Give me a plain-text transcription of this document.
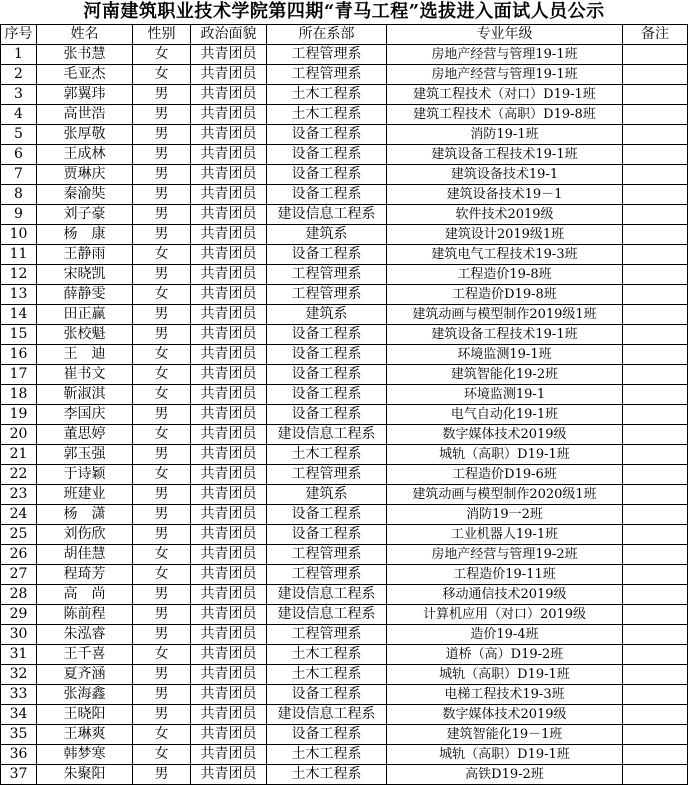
河南建筑职业技术学院第四期“青马工程”选拔进入面试人员公示
序号	姓名	性别	政治面貌	所在系部	专业年级	备注
1	张书慧	女	共青团员	工程管理系	房地产经营与管理19-1班	
2	毛亚杰	女	共青团员	工程管理系	房地产经营与管理19-1班	
3	郭翼玮	男	共青团员	土木工程系	建筑工程技术（对口）D19-1班	
4	高世浩	男	共青团员	土木工程系	建筑工程技术（高职）D19-8班	
5	张厚敬	男	共青团员	设备工程系	消防19-1班	
6	王成林	男	共青团员	设备工程系	建筑设备工程技术19-1班	
7	贾琳庆	男	共青团员	设备工程系	建筑设备技术19-1	
8	秦渝奘	男	共青团员	设备工程系	建筑设备技术19－1	
9	刘子豪	男	共青团员	建设信息工程系	软件技术2019级	
10	杨　康	男	共青团员	建筑系	建筑设计2019级1班	
11	王静雨	女	共青团员	设备工程系	建筑电气工程技术19-3班	
12	宋晓凯	男	共青团员	工程管理系	工程造价19-8班	
13	薛静雯	女	共青团员	工程管理系	工程造价D19-8班	
14	田正赢	男	共青团员	建筑系	建筑动画与模型制作2019级1班	
15	张校魁	男	共青团员	设备工程系	建筑设备工程技术19-1班	
16	王　迪	女	共青团员	设备工程系	环境监测19-1班	
17	崔书文	女	共青团员	设备工程系	建筑智能化19-2班	
18	靳淑淇	女	共青团员	设备工程系	环境监测19-1	
19	李国庆	男	共青团员	设备工程系	电气自动化19-1班	
20	董思婷	女	共青团员	建设信息工程系	数字媒体技术2019级	
21	郭玉强	男	共青团员	土木工程系	城轨（高职）D19-1班	
22	于诗颖	女	共青团员	工程管理系	工程造价D19-6班	
23	班建业	男	共青团员	建筑系	建筑动画与模型制作2020级1班	
24	杨　潇	男	共青团员	设备工程系	消防19一2班	
25	刘伤欣	男	共青团员	设备工程系	工业机器人19-1班	
26	胡佳慧	女	共青团员	工程管理系	房地产经营与管理19-2班	
27	程琦芳	女	共青团员	工程管理系	工程造价19-11班	
28	高　尚	男	共青团员	建设信息工程系	移动通信技术2019级	
29	陈前程	男	共青团员	建设信息工程系	计算机应用（对口）2019级	
30	朱泓睿	男	共青团员	工程管理系	造价19-4班	
31	王千喜	女	共青团员	土木工程系	道桥（高）D19-2班	
32	夏齐涵	男	共青团员	土木工程系	城轨（高职）D19-1班	
33	张海鑫	男	共青团员	设备工程系	电梯工程技术19-3班	
34	王晓阳	男	共青团员	建设信息工程系	数字媒体技术2019级	
35	王琳爽	女	共青团员	设备工程系	建筑智能化19－1班	
36	韩梦寒	女	共青团员	土木工程系	城轨（高职）D19-1班	
37	朱聚阳	男	共青团员	土木工程系	高铁D19-2班	
